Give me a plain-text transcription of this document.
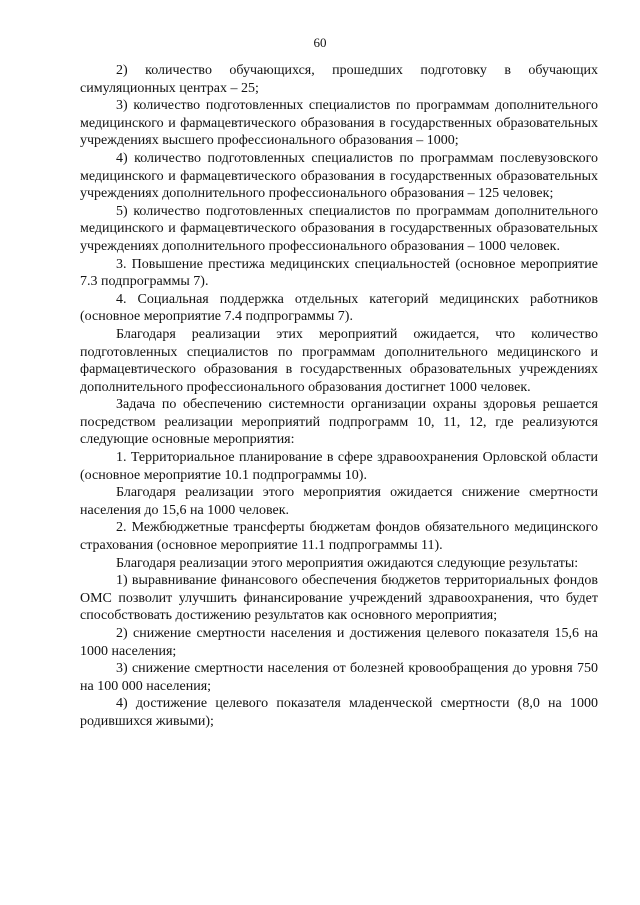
60

2) количество обучающихся, прошедших подготовку в обучающих симуляционных центрах – 25;

3) количество подготовленных специалистов по программам дополнительного медицинского и фармацевтического образования в государственных образовательных учреждениях высшего профессионального образования – 1000;

4) количество подготовленных специалистов по программам послевузовского медицинского и фармацевтического образования в государственных образовательных учреждениях дополнительного профессионального образования – 125 человек;

5) количество подготовленных специалистов по программам дополнительного медицинского и фармацевтического образования в государственных образовательных учреждениях дополнительного профессионального образования – 1000 человек.

3. Повышение престижа медицинских специальностей (основное мероприятие 7.3 подпрограммы 7).

4. Социальная поддержка отдельных категорий медицинских работников (основное мероприятие 7.4 подпрограммы 7).

Благодаря реализации этих мероприятий ожидается, что количество подготовленных специалистов по программам дополнительного медицинского и фармацевтического образования в государственных образовательных учреждениях дополнительного профессионального образования достигнет 1000 человек.

Задача по обеспечению системности организации охраны здоровья решается посредством реализации мероприятий подпрограмм 10, 11, 12, где реализуются следующие основные мероприятия:

1. Территориальное планирование в сфере здравоохранения Орловской области (основное мероприятие 10.1 подпрограммы 10).

Благодаря реализации этого мероприятия ожидается снижение смертности населения до 15,6 на 1000 человек.

2. Межбюджетные трансферты бюджетам фондов обязательного медицинского страхования (основное мероприятие 11.1 подпрограммы 11).

Благодаря реализации этого мероприятия ожидаются следующие результаты:

1) выравнивание финансового обеспечения бюджетов территориальных фондов ОМС позволит улучшить финансирование учреждений здравоохранения, что будет способствовать достижению результатов как основного мероприятия;

2) снижение смертности населения и достижения целевого показателя 15,6 на 1000 населения;

3) снижение смертности населения от болезней кровообращения до уровня 750 на 100 000 населения;

4) достижение целевого показателя младенческой смертности (8,0 на 1000 родившихся живыми);
